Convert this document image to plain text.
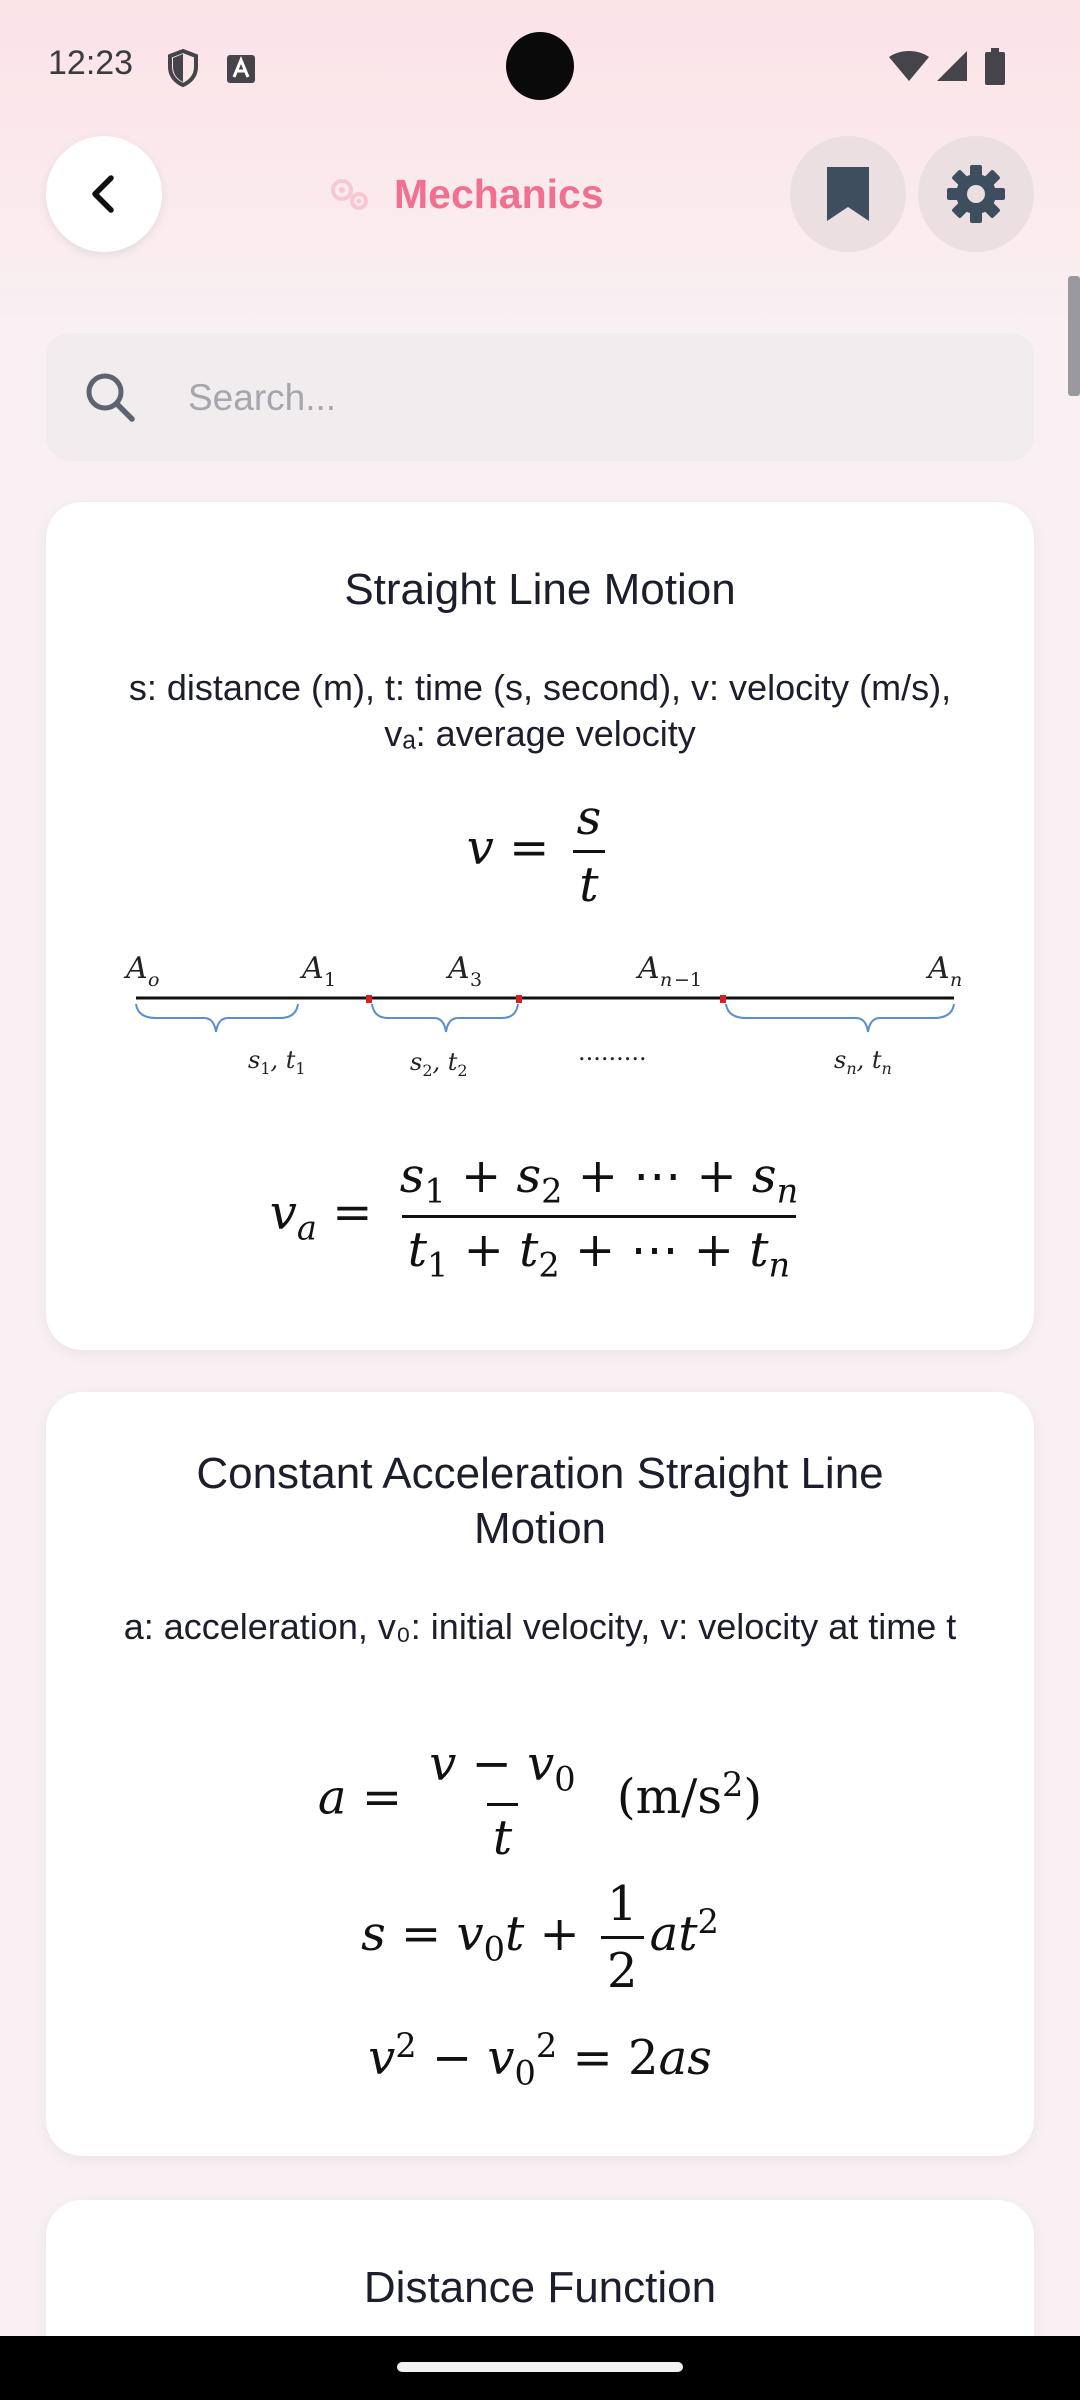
12:23
Mechanics
Search...
Straight Line Motion
s: distance (m), t: time (s, second), v: velocity (m/s), vₐ: average velocity
$v = \frac{s}{t}$
A o	A 1	A 3	A n −1	A n
$s_1$, $t_1$	$s_2$, $t_2$	$s_n$, $t_n$
.........
$v_a = \frac{s_1 + s_2 + \cdots + s_n}{t_1 + t_2 + \cdots + t_n}$
Constant Acceleration Straight Line Motion
a: acceleration, v₀: initial velocity, v: velocity at time t
$a = \frac{v - v_0}{t} (m/s^2)$
$s = v_0t + \frac{1}{2} at^2$
$v^2 - v_0^2 = 2as$
Distance Function
